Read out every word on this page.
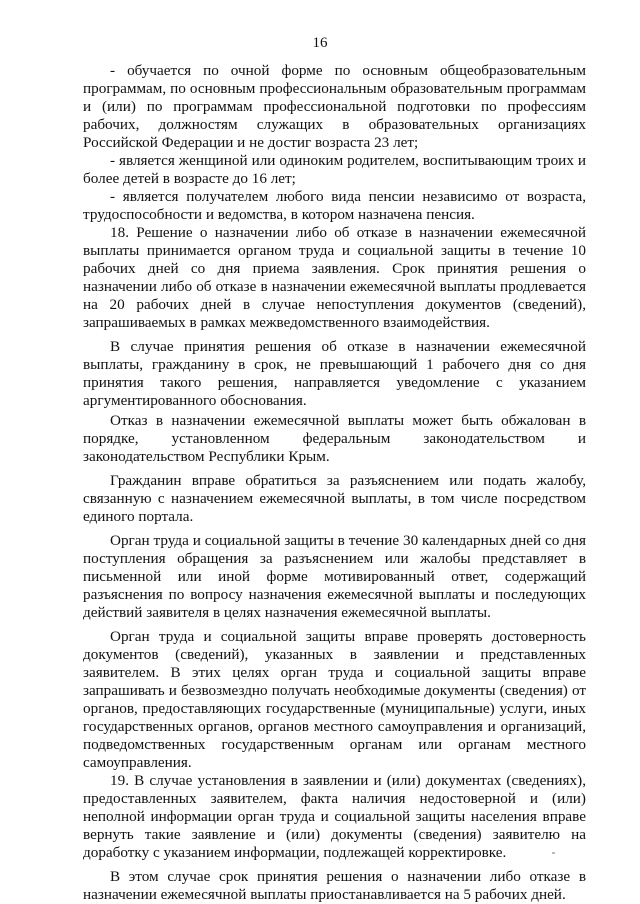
16

- обучается по очной форме по основным общеобразовательным программам, по основным профессиональным образовательным программам и (или) по программам профессиональной подготовки по профессиям рабочих, должностям служащих в образовательных организациях Российской Федерации и не достиг возраста 23 лет;

- является женщиной или одиноким родителем, воспитывающим троих и более детей в возрасте до 16 лет;

- является получателем любого вида пенсии независимо от возраста, трудоспособности и ведомства, в котором назначена пенсия.

18. Решение о назначении либо об отказе в назначении ежемесячной выплаты принимается органом труда и социальной защиты в течение 10 рабочих дней со дня приема заявления. Срок принятия решения о назначении либо об отказе в назначении ежемесячной выплаты продлевается на 20 рабочих дней в случае непоступления документов (сведений), запрашиваемых в рамках межведомственного взаимодействия.

В случае принятия решения об отказе в назначении ежемесячной выплаты, гражданину в срок, не превышающий 1 рабочего дня со дня принятия такого решения, направляется уведомление с указанием аргументированного обоснования.

Отказ в назначении ежемесячной выплаты может быть обжалован в порядке, установленном федеральным законодательством и законодательством Республики Крым.

Гражданин вправе обратиться за разъяснением или подать жалобу, связанную с назначением ежемесячной выплаты, в том числе посредством единого портала.

Орган труда и социальной защиты в течение 30 календарных дней со дня поступления обращения за разъяснением или жалобы представляет в письменной или иной форме мотивированный ответ, содержащий разъяснения по вопросу назначения ежемесячной выплаты и последующих действий заявителя в целях назначения ежемесячной выплаты.

Орган труда и социальной защиты вправе проверять достоверность документов (сведений), указанных в заявлении и представленных заявителем. В этих целях орган труда и социальной защиты вправе запрашивать и безвозмездно получать необходимые документы (сведения) от органов, предоставляющих государственные (муниципальные) услуги, иных государственных органов, органов местного самоуправления и организаций, подведомственных государственным органам или органам местного самоуправления.

19. В случае установления в заявлении и (или) документах (сведениях), предоставленных заявителем, факта наличия недостоверной и (или) неполной информации орган труда и социальной защиты населения вправе вернуть такие заявление и (или) документы (сведения) заявителю на доработку с указанием информации, подлежащей корректировке.

В этом случае срок принятия решения о назначении либо отказе в назначении ежемесячной выплаты приостанавливается на 5 рабочих дней.
